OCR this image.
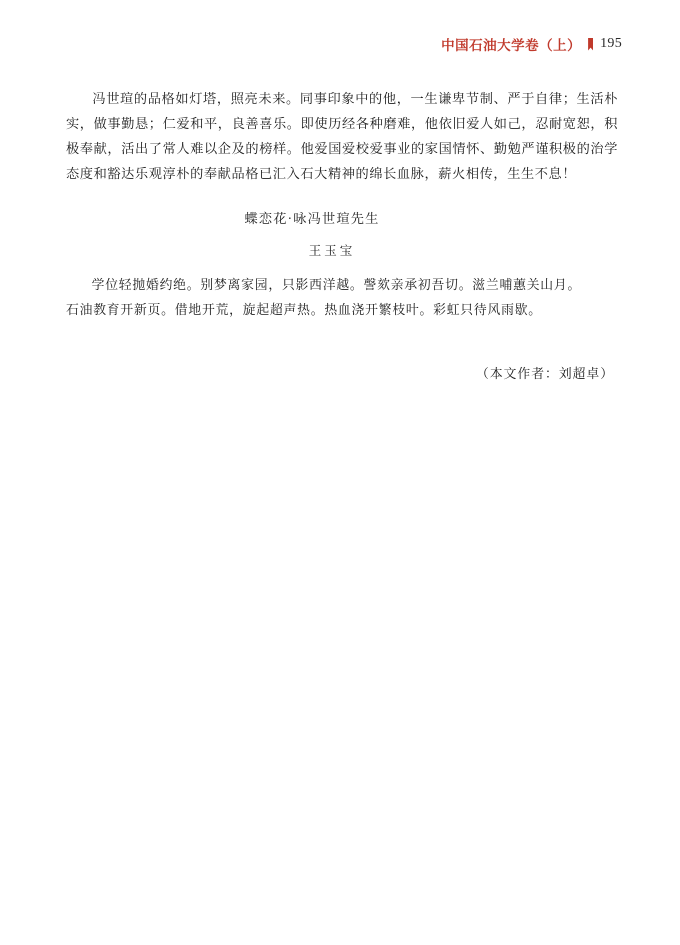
中国石油大学卷（上） 195

冯世瑄的品格如灯塔，照亮未来。同事印象中的他，一生谦卑节制、严于自律；生活朴实，做事勤恳；仁爱和平，良善喜乐。即使历经各种磨难，他依旧爱人如己，忍耐宽恕，积极奉献，活出了常人难以企及的榜样。他爱国爱校爱事业的家国情怀、勤勉严谨积极的治学态度和豁达乐观淳朴的奉献品格已汇入石大精神的绵长血脉，薪火相传，生生不息！

蝶恋花·咏冯世瑄先生
王玉宝
学位轻抛婚约绝。别梦离家园，只影西洋越。謦欬亲承初吾切。滋兰哺蕙关山月。
石油教育开新页。借地开荒，旋起超声热。热血浇开繁枝叶。彩虹只待风雨歇。
（本文作者：刘超卓）
